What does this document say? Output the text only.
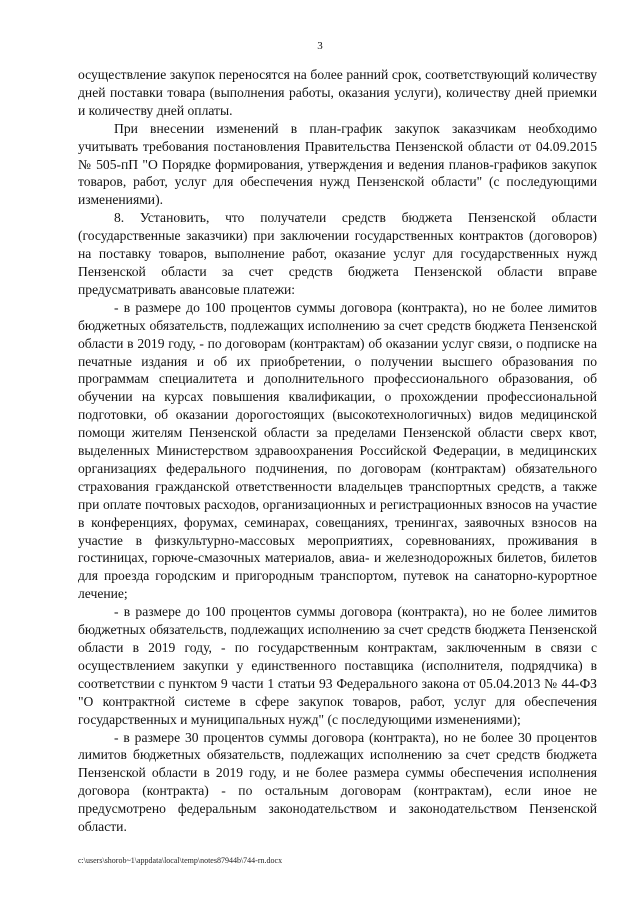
3

осуществление закупок переносятся на более ранний срок, соответствующий количеству дней поставки товара (выполнения работы, оказания услуги), количеству дней приемки и количеству дней оплаты.

При внесении изменений в план-график закупок заказчикам необходимо учитывать требования постановления Правительства Пензенской области от 04.09.2015 № 505-пП "О Порядке формирования, утверждения и ведения планов-графиков закупок товаров, работ, услуг для обеспечения нужд Пензенской области" (с последующими изменениями).

8. Установить, что получатели средств бюджета Пензенской области (государственные заказчики) при заключении государственных контрактов (договоров) на поставку товаров, выполнение работ, оказание услуг для государственных нужд Пензенской области за счет средств бюджета Пензенской области вправе предусматривать авансовые платежи:

- в размере до 100 процентов суммы договора (контракта), но не более лимитов бюджетных обязательств, подлежащих исполнению за счет средств бюджета Пензенской области в 2019 году, - по договорам (контрактам) об оказании услуг связи, о подписке на печатные издания и об их приобретении, о получении высшего образования по программам специалитета и дополнительного профессионального образования, об обучении на курсах повышения квалификации, о прохождении профессиональной подготовки, об оказании дорогостоящих (высокотехнологичных) видов медицинской помощи жителям Пензенской области за пределами Пензенской области сверх квот, выделенных Министерством здравоохранения Российской Федерации, в медицинских организациях федерального подчинения, по договорам (контрактам) обязательного страхования гражданской ответственности владельцев транспортных средств, а также при оплате почтовых расходов, организационных и регистрационных взносов на участие в конференциях, форумах, семинарах, совещаниях, тренингах, заявочных взносов на участие в физкультурно-массовых мероприятиях, соревнованиях, проживания в гостиницах, горюче-смазочных материалов, авиа- и железнодорожных билетов, билетов для проезда городским и пригородным транспортом, путевок на санаторно-курортное лечение;

- в размере до 100 процентов суммы договора (контракта), но не более лимитов бюджетных обязательств, подлежащих исполнению за счет средств бюджета Пензенской области в 2019 году, - по государственным контрактам, заключенным в связи с осуществлением закупки у единственного поставщика (исполнителя, подрядчика) в соответствии с пунктом 9 части 1 статьи 93 Федерального закона от 05.04.2013 № 44-ФЗ "О контрактной системе в сфере закупок товаров, работ, услуг для обеспечения государственных и муниципальных нужд" (с последующими изменениями);

- в размере 30 процентов суммы договора (контракта), но не более 30 процентов лимитов бюджетных обязательств, подлежащих исполнению за счет средств бюджета Пензенской области в 2019 году, и не более размера суммы обеспечения исполнения договора (контракта) - по остальным договорам (контрактам), если иное не предусмотрено федеральным законодательством и законодательством Пензенской области.

c:\users\shorob~1\appdata\local\temp\notes87944b\744-rn.docx
